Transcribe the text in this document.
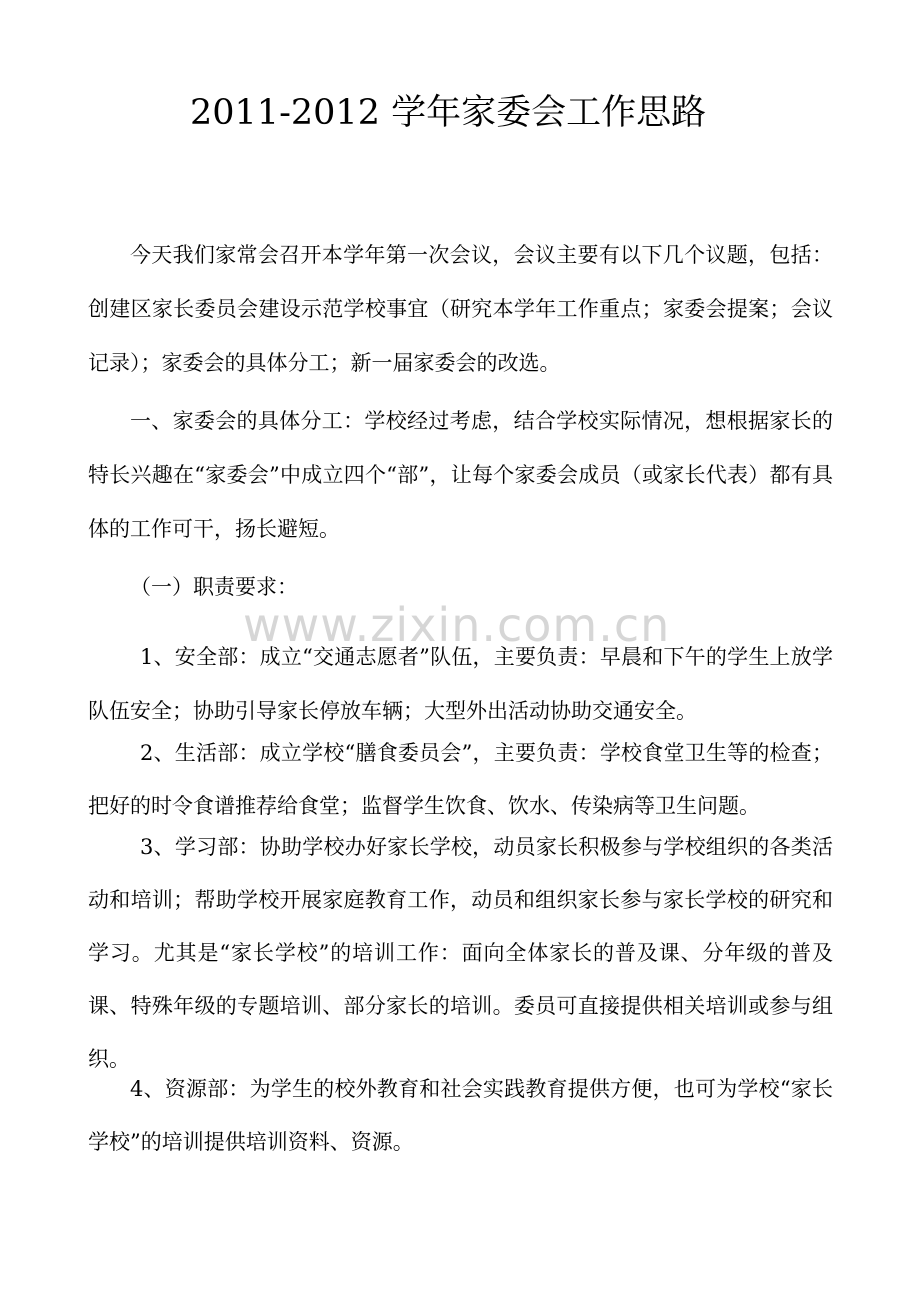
2011-2012 学年家委会工作思路
今天我们家常会召开本学年第一次会议，会议主要有以下几个议题，包括：创建区家长委员会建设示范学校事宜（研究本学年工作重点；家委会提案；会议记录）；家委会的具体分工；新一届家委会的改选。
一、家委会的具体分工：学校经过考虑，结合学校实际情况，想根据家长的特长兴趣在“家委会”中成立四个“部”，让每个家委会成员（或家长代表）都有具体的工作可干，扬长避短。
（一）职责要求：
1、安全部：成立“交通志愿者”队伍，主要负责：早晨和下午的学生上放学队伍安全；协助引导家长停放车辆；大型外出活动协助交通安全。
2、生活部：成立学校“膳食委员会”，主要负责：学校食堂卫生等的检查；把好的时令食谱推荐给食堂；监督学生饮食、饮水、传染病等卫生问题。
3、学习部：协助学校办好家长学校，动员家长积极参与学校组织的各类活动和培训；帮助学校开展家庭教育工作，动员和组织家长参与家长学校的研究和学习。尤其是“家长学校”的培训工作：面向全体家长的普及课、分年级的普及课、特殊年级的专题培训、部分家长的培训。委员可直接提供相关培训或参与组织。
4、资源部：为学生的校外教育和社会实践教育提供方便，也可为学校“家长学校”的培训提供培训资料、资源。
www.zixin.com.cn
